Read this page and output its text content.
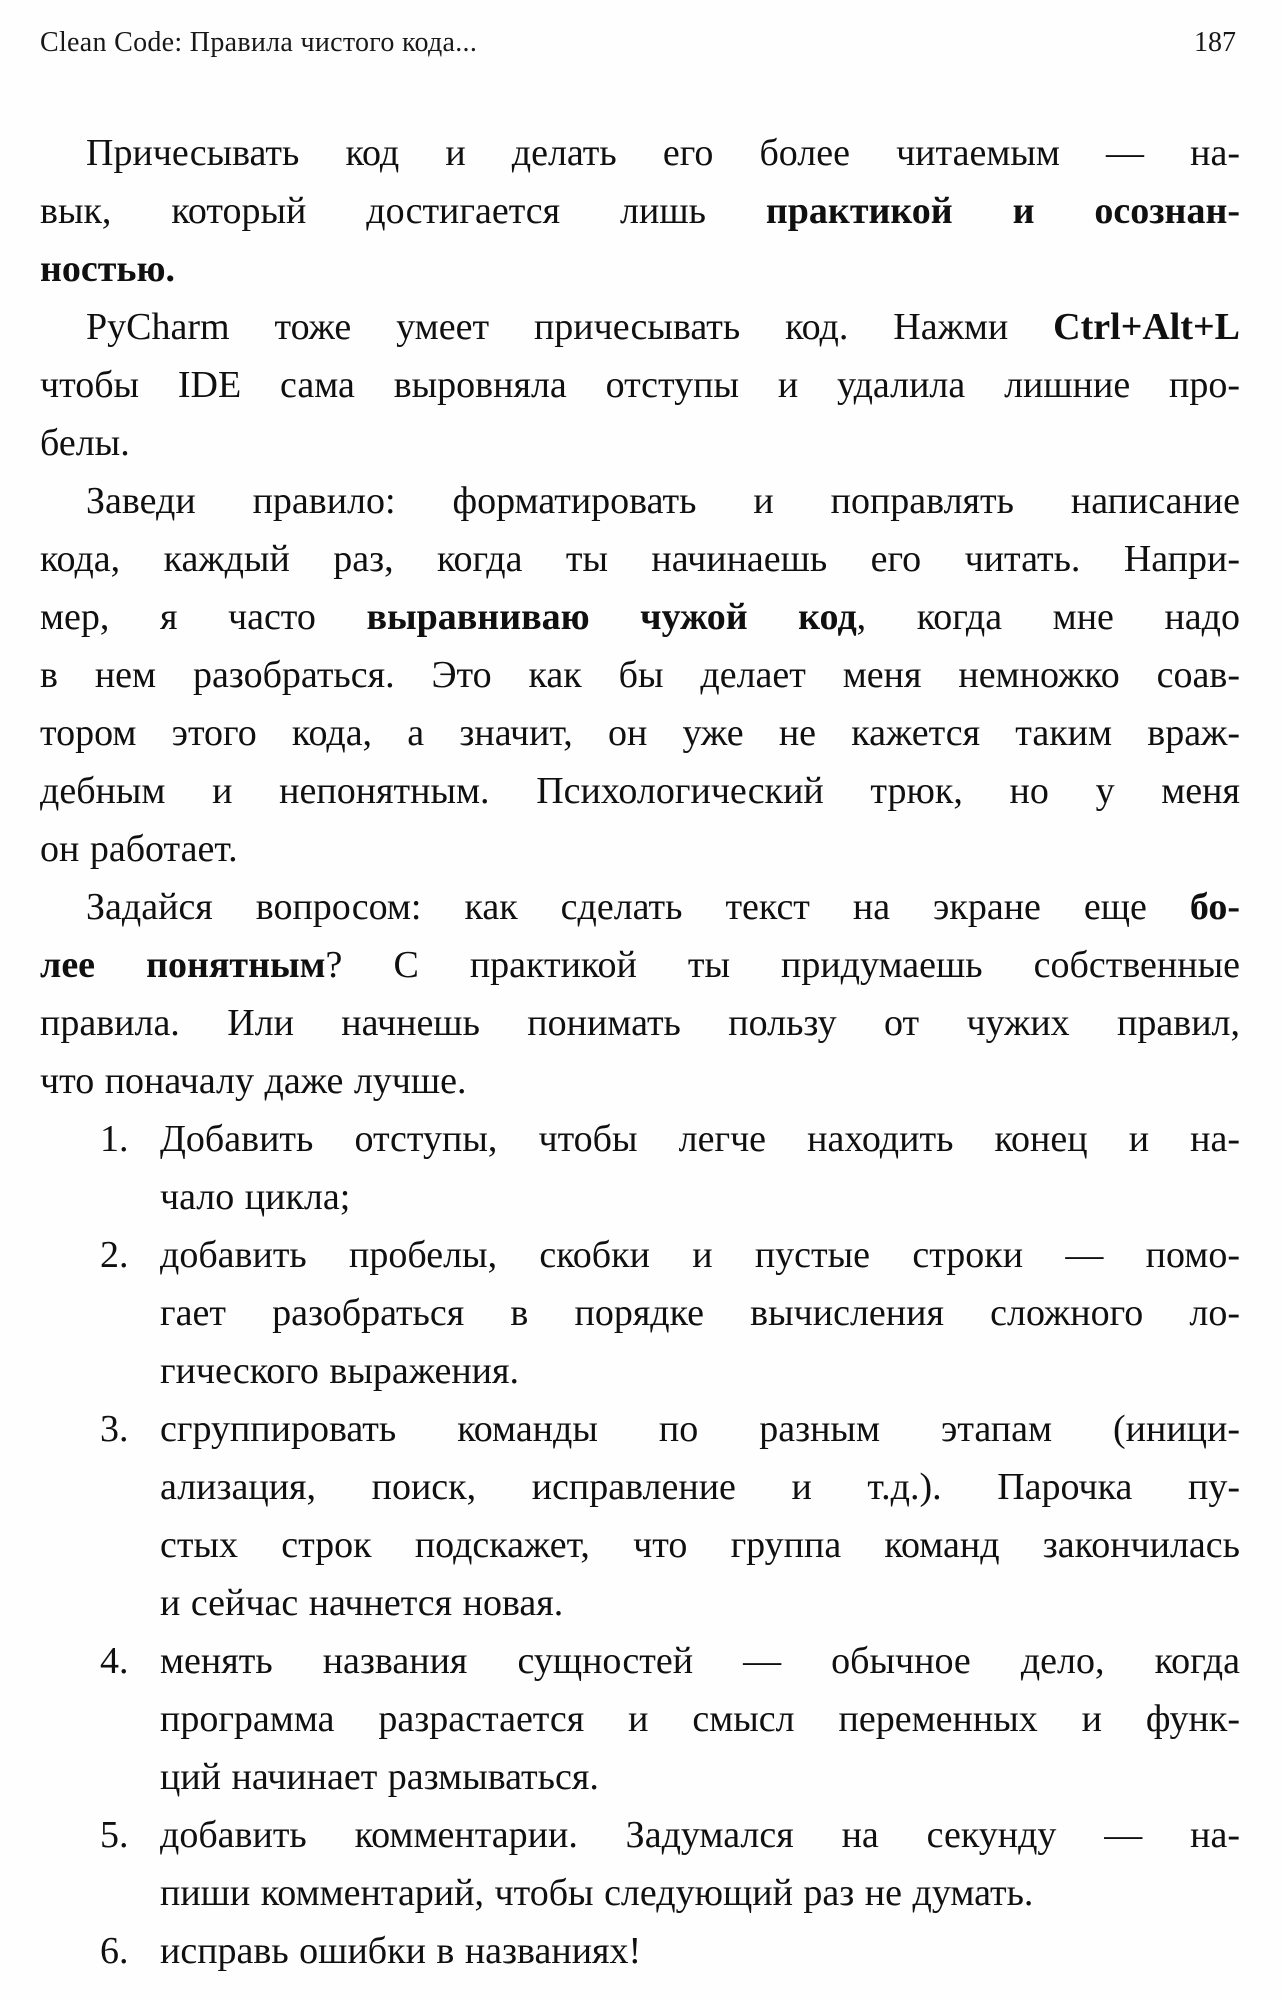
Clean Code: Правила чистого кода...	187
Причесывать код и делать его более читаемым — на-
вык, который достигается лишь практикой и осознан-
ностью.
PyCharm тоже умеет причесывать код. Нажми Ctrl+Alt+L
чтобы IDE сама выровняла отступы и удалила лишние про-
белы.
Заведи правило: форматировать и поправлять написание
кода, каждый раз, когда ты начинаешь его читать. Напри-
мер, я часто выравниваю чужой код, когда мне надо
в нем разобраться. Это как бы делает меня немножко соав-
тором этого кода, а значит, он уже не кажется таким враж-
дебным и непонятным. Психологический трюк, но у меня
он работает.
Задайся вопросом: как сделать текст на экране еще бо-
лее понятным? С практикой ты придумаешь собственные
правила. Или начнешь понимать пользу от чужих правил,
что поначалу даже лучше.
1. Добавить отступы, чтобы легче находить конец и на-
чало цикла;
2. добавить пробелы, скобки и пустые строки — помо-
гает разобраться в порядке вычисления сложного ло-
гического выражения.
3. сгруппировать команды по разным этапам (иници-
ализация, поиск, исправление и т.д.). Парочка пу-
стых строк подскажет, что группа команд закончилась
и сейчас начнется новая.
4. менять названия сущностей — обычное дело, когда
программа разрастается и смысл переменных и функ-
ций начинает размываться.
5. добавить комментарии. Задумался на секунду — на-
пиши комментарий, чтобы следующий раз не думать.
6. исправь ошибки в названиях!
